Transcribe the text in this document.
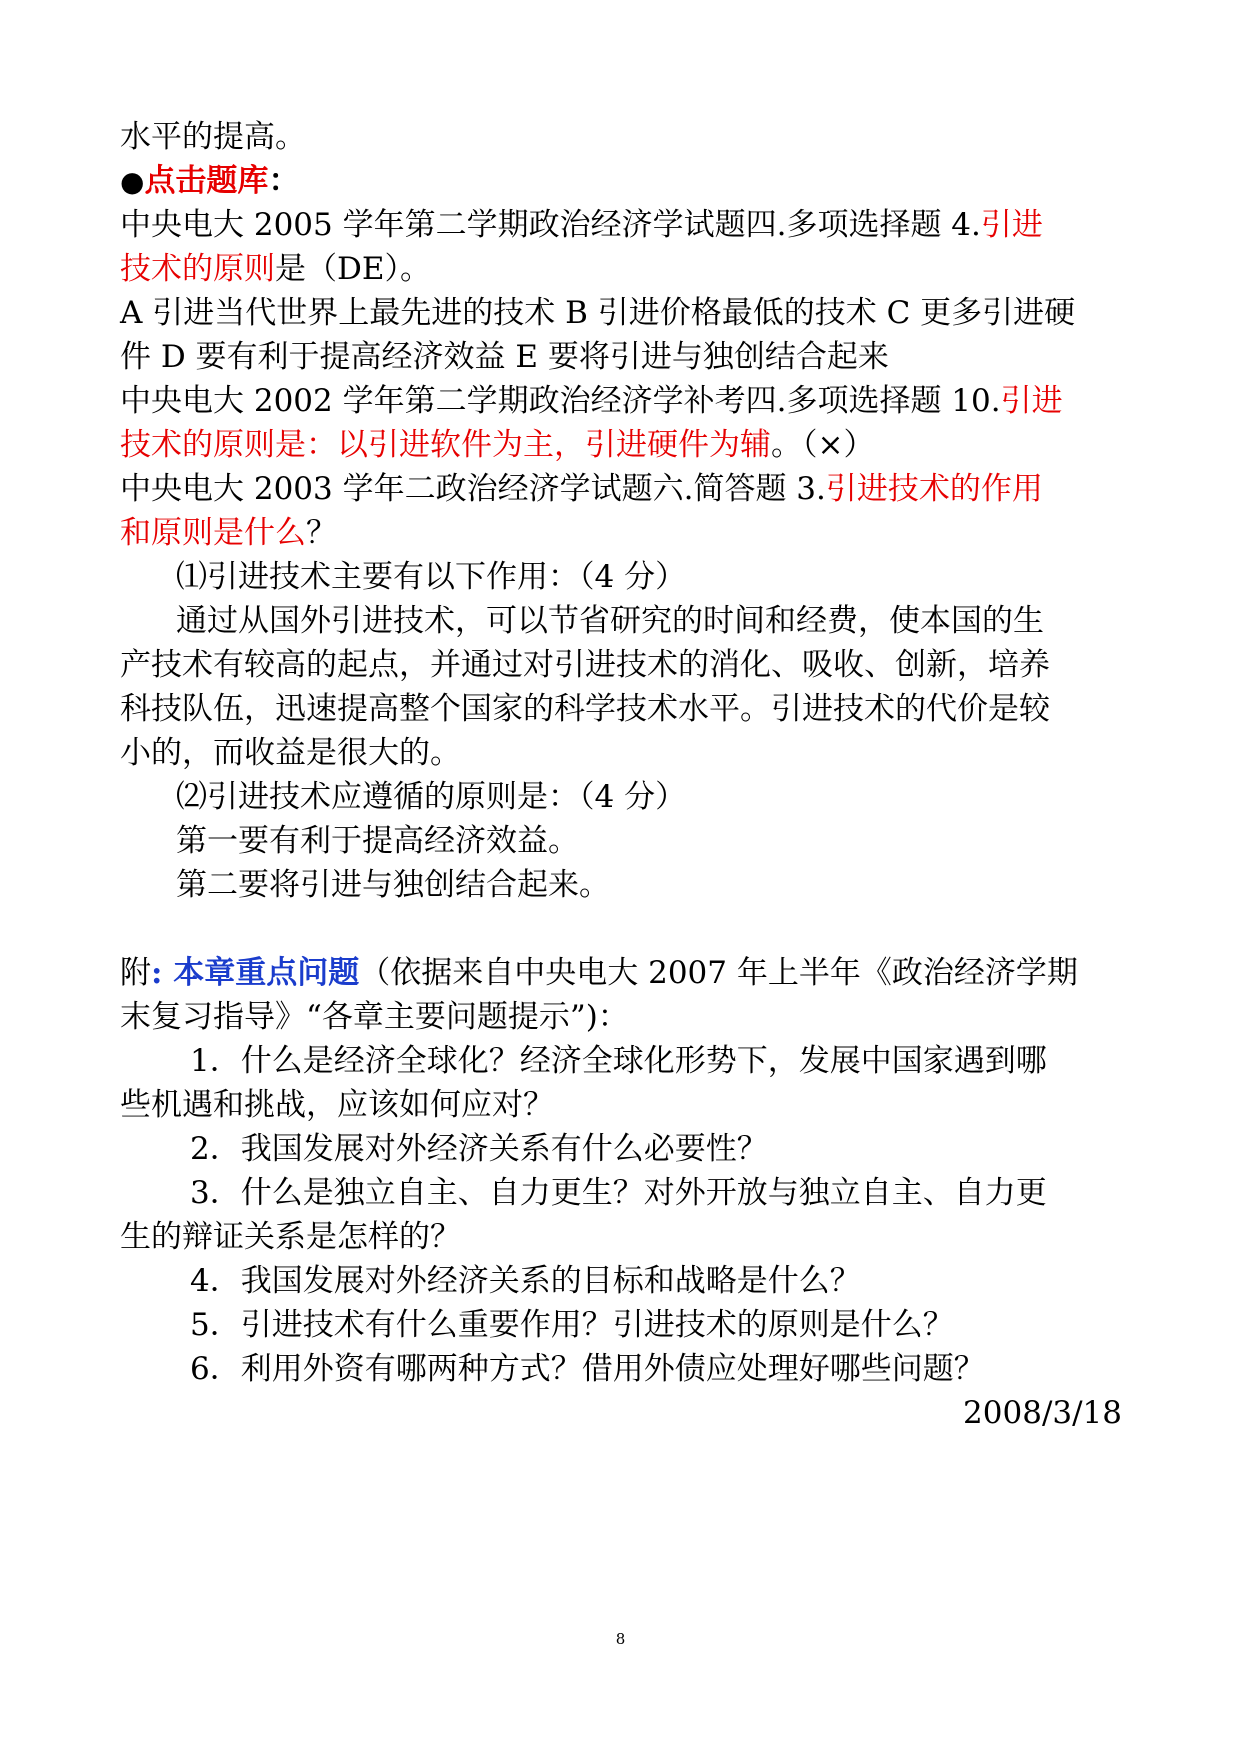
水平的提高。
●点击题库：
中央电大 2005 学年第二学期政治经济学试题四.多项选择题 4.引进
技术的原则是（DE）。
A 引进当代世界上最先进的技术 B 引进价格最低的技术 C 更多引进硬
件 D 要有利于提高经济效益 E 要将引进与独创结合起来
中央电大 2002 学年第二学期政治经济学补考四.多项选择题 10.引进
技术的原则是：以引进软件为主，引进硬件为辅。（×）
中央电大 2003 学年二政治经济学试题六.简答题 3.引进技术的作用
和原则是什么？
⑴引进技术主要有以下作用：（4 分）
通过从国外引进技术，可以节省研究的时间和经费，使本国的生
产技术有较高的起点，并通过对引进技术的消化、吸收、创新，培养
科技队伍，迅速提高整个国家的科学技术水平。引进技术的代价是较
小的，而收益是很大的。
⑵引进技术应遵循的原则是：（4 分）
第一要有利于提高经济效益。
第二要将引进与独创结合起来。
附: 本章重点问题（依据来自中央电大 2007 年上半年《政治经济学期
末复习指导》“各章主要问题提示”)：
1．什么是经济全球化？经济全球化形势下，发展中国家遇到哪
些机遇和挑战，应该如何应对？
2．我国发展对外经济关系有什么必要性？
3．什么是独立自主、自力更生？对外开放与独立自主、自力更
生的辩证关系是怎样的？
4．我国发展对外经济关系的目标和战略是什么？
5．引进技术有什么重要作用？引进技术的原则是什么？
6．利用外资有哪两种方式？借用外债应处理好哪些问题？
2008/3/18
8
